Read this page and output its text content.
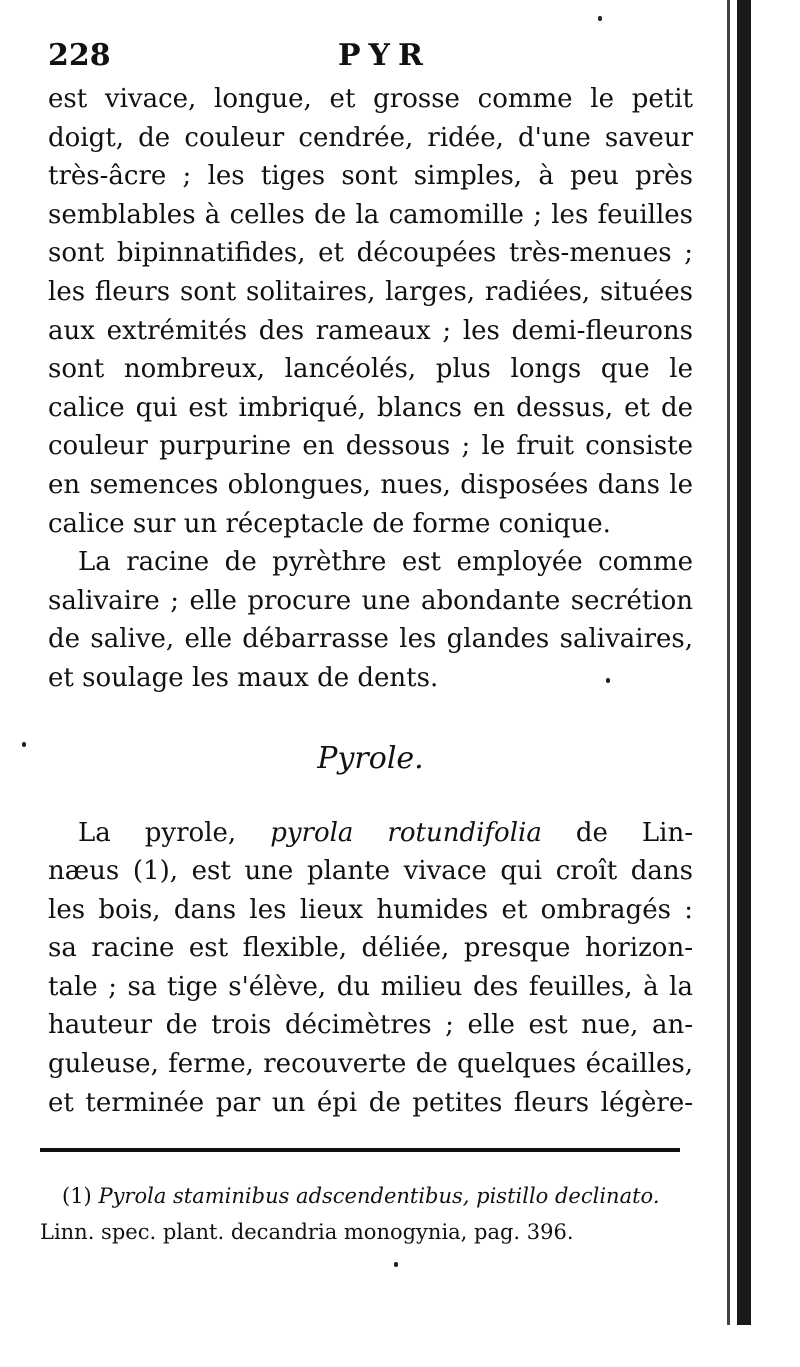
228	PYR
est vivace, longue, et grosse comme le petit
doigt, de couleur cendrée, ridée, d'une saveur
très-âcre ; les tiges sont simples, à peu près
semblables à celles de la camomille ; les feuilles
sont bipinnatifides, et découpées très-menues ;
les fleurs sont solitaires, larges, radiées, situées
aux extrémités des rameaux ; les demi-fleurons
sont nombreux, lancéolés, plus longs que le
calice qui est imbriqué, blancs en dessus, et de
couleur purpurine en dessous ; le fruit consiste
en semences oblongues, nues, disposées dans le
calice sur un réceptacle de forme conique.
La racine de pyrèthre est employée comme
salivaire ; elle procure une abondante secrétion
de salive, elle débarrasse les glandes salivaires,
et soulage les maux de dents.
Pyrole.
La pyrole, pyrola rotundifolia de Lin-
næus (1), est une plante vivace qui croît dans
les bois, dans les lieux humides et ombragés :
sa racine est flexible, déliée, presque horizon-
tale ; sa tige s'élève, du milieu des feuilles, à la
hauteur de trois décimètres ; elle est nue, an-
guleuse, ferme, recouverte de quelques écailles,
et terminée par un épi de petites fleurs légère-
(1) Pyrola staminibus adscendentibus, pistillo declinato.
Linn. spec. plant. decandria monogynia, pag. 396.
